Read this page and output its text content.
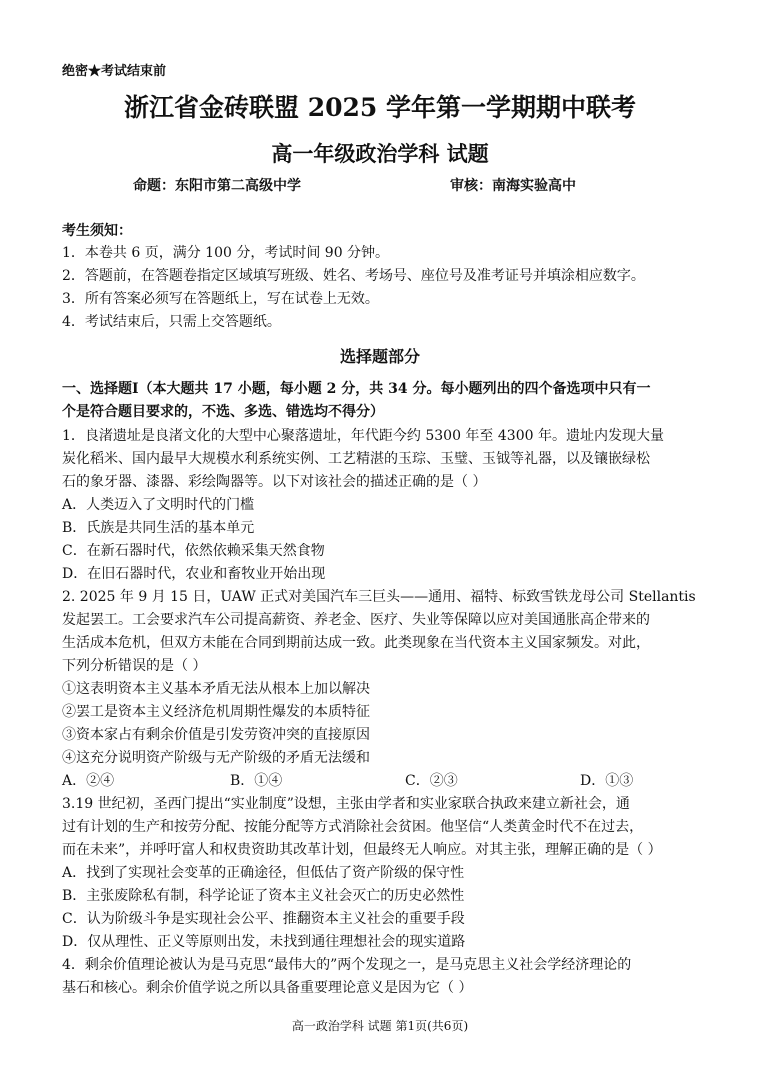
绝密★考试结束前
浙江省金砖联盟 2025 学年第一学期期中联考
高一年级政治学科 试题
命题：东阳市第二高级中学	审核：南海实验高中
考生须知：
1．本卷共 6 页，满分 100 分，考试时间 90 分钟。
2．答题前，在答题卷指定区域填写班级、姓名、考场号、座位号及准考证号并填涂相应数字。
3．所有答案必须写在答题纸上，写在试卷上无效。
4．考试结束后，只需上交答题纸。
选择题部分
一、选择题Ⅰ（本大题共 17 小题，每小题 2 分，共 34 分。每小题列出的四个备选项中只有一
个是符合题目要求的，不选、多选、错选均不得分）
1．良渚遗址是良渚文化的大型中心聚落遗址，年代距今约 5300 年至 4300 年。遗址内发现大量
炭化稻米、国内最早大规模水利系统实例、工艺精湛的玉琮、玉璧、玉钺等礼器，以及镶嵌绿松
石的象牙器、漆器、彩绘陶器等。以下对该社会的描述正确的是（ ）
A．人类迈入了文明时代的门槛
B．氏族是共同生活的基本单元
C．在新石器时代，依然依赖采集天然食物
D．在旧石器时代，农业和畜牧业开始出现
2. 2025 年 9 月 15 日，UAW 正式对美国汽车三巨头——通用、福特、标致雪铁龙母公司 Stellantis
发起罢工。工会要求汽车公司提高薪资、养老金、医疗、失业等保障以应对美国通胀高企带来的
生活成本危机，但双方未能在合同到期前达成一致。此类现象在当代资本主义国家频发。对此，
下列分析错误的是（ ）
①这表明资本主义基本矛盾无法从根本上加以解决
②罢工是资本主义经济危机周期性爆发的本质特征
③资本家占有剩余价值是引发劳资冲突的直接原因
④这充分说明资产阶级与无产阶级的矛盾无法缓和
A．②④	B．①④	C．②③	D．①③
3.19 世纪初，圣西门提出“实业制度”设想，主张由学者和实业家联合执政来建立新社会，通
过有计划的生产和按劳分配、按能分配等方式消除社会贫困。他坚信“人类黄金时代不在过去，
而在未来”，并呼吁富人和权贵资助其改革计划，但最终无人响应。对其主张，理解正确的是（ ）
A．找到了实现社会变革的正确途径，但低估了资产阶级的保守性
B．主张废除私有制，科学论证了资本主义社会灭亡的历史必然性
C．认为阶级斗争是实现社会公平、推翻资本主义社会的重要手段
D．仅从理性、正义等原则出发，未找到通往理想社会的现实道路
4．剩余价值理论被认为是马克思“最伟大的”两个发现之一，是马克思主义社会学经济理论的
基石和核心。剩余价值学说之所以具备重要理论意义是因为它（ ）
高一政治学科 试题 第1页(共6页)
